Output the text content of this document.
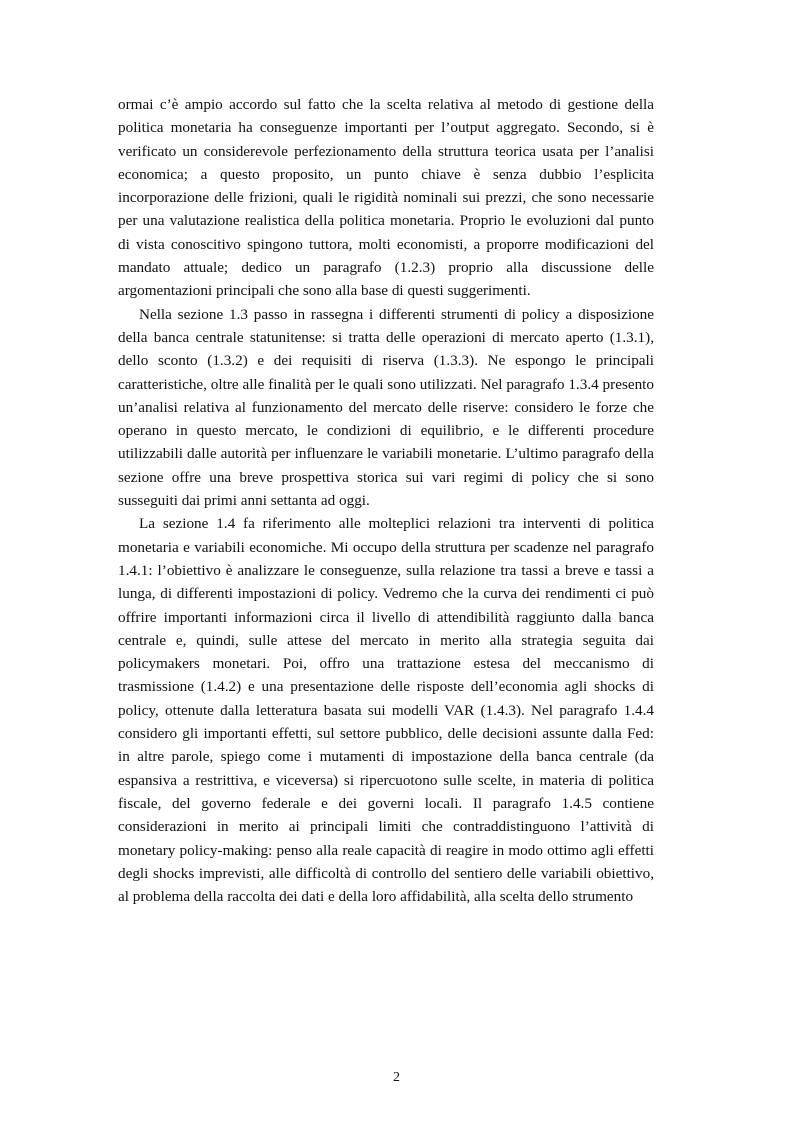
ormai c’è ampio accordo sul fatto che la scelta relativa al metodo di gestione della politica monetaria ha conseguenze importanti per l’output aggregato. Secondo, si è verificato un considerevole perfezionamento della struttura teorica usata per l’analisi economica; a questo proposito, un punto chiave è senza dubbio l’esplicita incorporazione delle frizioni, quali le rigidità nominali sui prezzi, che sono necessarie per una valutazione realistica della politica monetaria. Proprio le evoluzioni dal punto di vista conoscitivo spingono tuttora, molti economisti, a proporre modificazioni del mandato attuale; dedico un paragrafo (1.2.3) proprio alla discussione delle argomentazioni principali che sono alla base di questi suggerimenti.

Nella sezione 1.3 passo in rassegna i differenti strumenti di policy a disposizione della banca centrale statunitense: si tratta delle operazioni di mercato aperto (1.3.1), dello sconto (1.3.2) e dei requisiti di riserva (1.3.3). Ne espongo le principali caratteristiche, oltre alle finalità per le quali sono utilizzati. Nel paragrafo 1.3.4 presento un’analisi relativa al funzionamento del mercato delle riserve: considero le forze che operano in questo mercato, le condizioni di equilibrio, e le differenti procedure utilizzabili dalle autorità per influenzare le variabili monetarie. L’ultimo paragrafo della sezione offre una breve prospettiva storica sui vari regimi di policy che si sono susseguiti dai primi anni settanta ad oggi.

La sezione 1.4 fa riferimento alle molteplici relazioni tra interventi di politica monetaria e variabili economiche. Mi occupo della struttura per scadenze nel paragrafo 1.4.1: l’obiettivo è analizzare le conseguenze, sulla relazione tra tassi a breve e tassi a lunga, di differenti impostazioni di policy. Vedremo che la curva dei rendimenti ci può offrire importanti informazioni circa il livello di attendibilità raggiunto dalla banca centrale e, quindi, sulle attese del mercato in merito alla strategia seguita dai policymakers monetari. Poi, offro una trattazione estesa del meccanismo di trasmissione (1.4.2) e una presentazione delle risposte dell’economia agli shocks di policy, ottenute dalla letteratura basata sui modelli VAR (1.4.3). Nel paragrafo 1.4.4 considero gli importanti effetti, sul settore pubblico, delle decisioni assunte dalla Fed: in altre parole, spiego come i mutamenti di impostazione della banca centrale (da espansiva a restrittiva, e viceversa) si ripercuotono sulle scelte, in materia di politica fiscale, del governo federale e dei governi locali. Il paragrafo 1.4.5 contiene considerazioni in merito ai principali limiti che contraddistinguono l’attività di monetary policy-making: penso alla reale capacità di reagire in modo ottimo agli effetti degli shocks imprevisti, alle difficoltà di controllo del sentiero delle variabili obiettivo, al problema della raccolta dei dati e della loro affidabilità, alla scelta dello strumento

2
